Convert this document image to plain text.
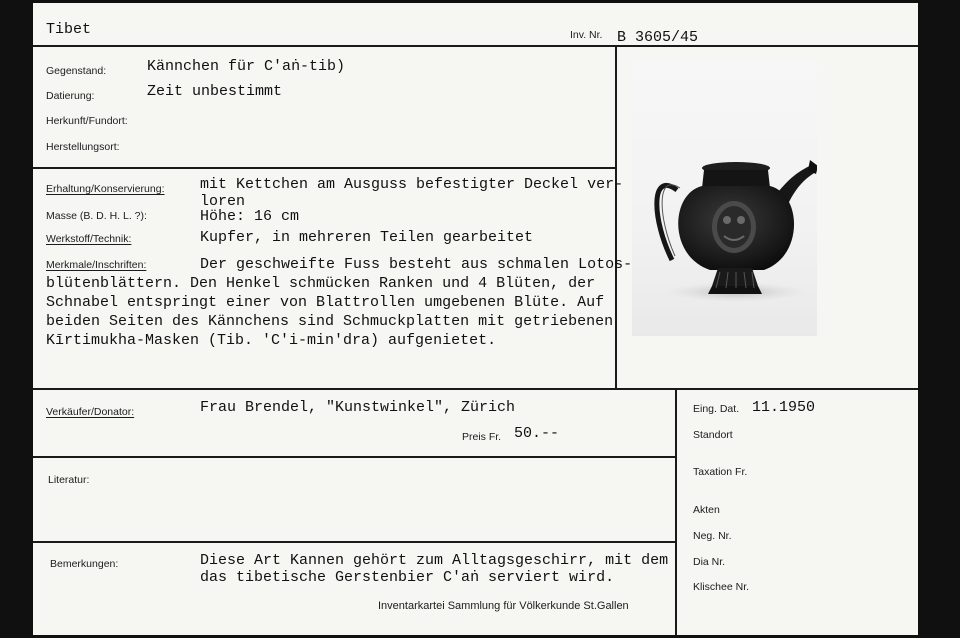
Tibet	Inv. Nr. B 3605/45
Gegenstand:	Kännchen für C'aṅ-tib)
Datierung:	Zeit unbestimmt
Herkunft/Fundort:
Herstellungsort:
Erhaltung/Konservierung: mit Kettchen am Ausguss befestigter Deckel ver-
loren
Masse (B. D. H. L. ?):	Höhe: 16 cm
Werkstoff/Technik:	Kupfer, in mehreren Teilen gearbeitet
Merkmale/Inschriften:	Der geschweifte Fuss besteht aus schmalen Lotos-
blütenblättern. Den Henkel schmücken Ranken und 4 Blüten, der
Schnabel entspringt einer von Blattrollen umgebenen Blüte. Auf
beiden Seiten des Kännchens sind Schmuckplatten mit getriebenen
Kīrtimukha-Masken (Tib. 'C'i-min'dra) aufgenietet.
Verkäufer/Donator:	Frau Brendel, "Kunstwinkel", Zürich
Preis Fr. 50.--
Literatur:
Bemerkungen:	Diese Art Kannen gehört zum Alltagsgeschirr, mit dem
das tibetische Gerstenbier C'aṅ serviert wird.
Inventarkartei Sammlung für Völkerkunde St.Gallen
Eing. Dat. 11.1950
Standort
Taxation Fr.
Akten
Neg. Nr.
Dia Nr.
Klischee Nr.
